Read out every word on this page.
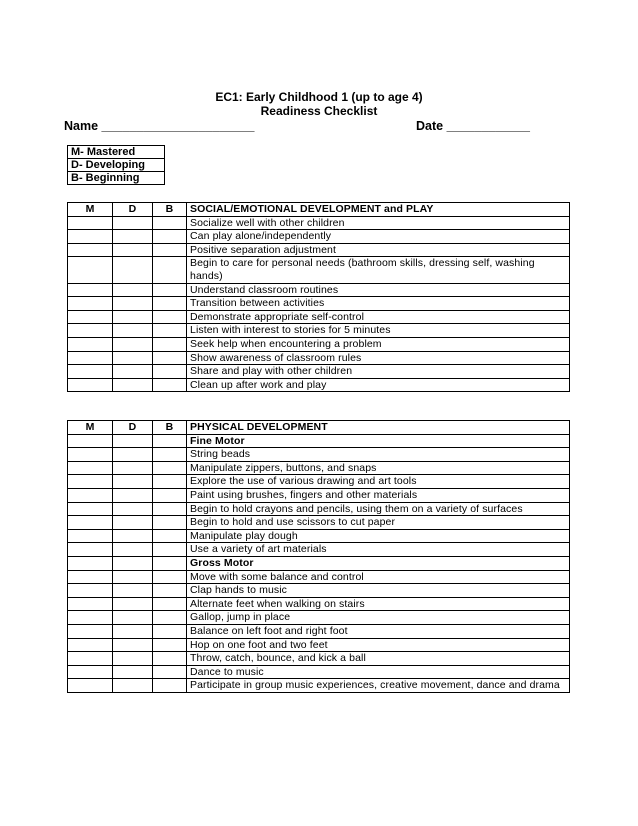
EC1: Early Childhood 1 (up to age 4)
Readiness Checklist
Name ______________________	Date ____________
M- Mastered
D- Developing
B- Beginning
M	D	B	SOCIAL/EMOTIONAL DEVELOPMENT and PLAY
			Socialize well with other children
			Can play alone/independently
			Positive separation adjustment
			Begin to care for personal needs (bathroom skills, dressing self, washing hands)
			Understand classroom routines
			Transition between activities
			Demonstrate appropriate self-control
			Listen with interest to stories for 5 minutes
			Seek help when encountering a problem
			Show awareness of classroom rules
			Share and play with other children
			Clean up after work and play
M	D	B	PHYSICAL DEVELOPMENT
			Fine Motor
			String beads
			Manipulate zippers, buttons, and snaps
			Explore the use of various drawing and art tools
			Paint using brushes, fingers and other materials
			Begin to hold crayons and pencils, using them on a variety of surfaces
			Begin to hold and use scissors to cut paper
			Manipulate play dough
			Use a variety of art materials
			Gross Motor
			Move with some balance and control
			Clap hands to music
			Alternate feet when walking on stairs
			Gallop, jump in place
			Balance on left foot and right foot
			Hop on one foot and two feet
			Throw, catch, bounce, and kick a ball
			Dance to music
			Participate in group music experiences, creative movement, dance and drama
